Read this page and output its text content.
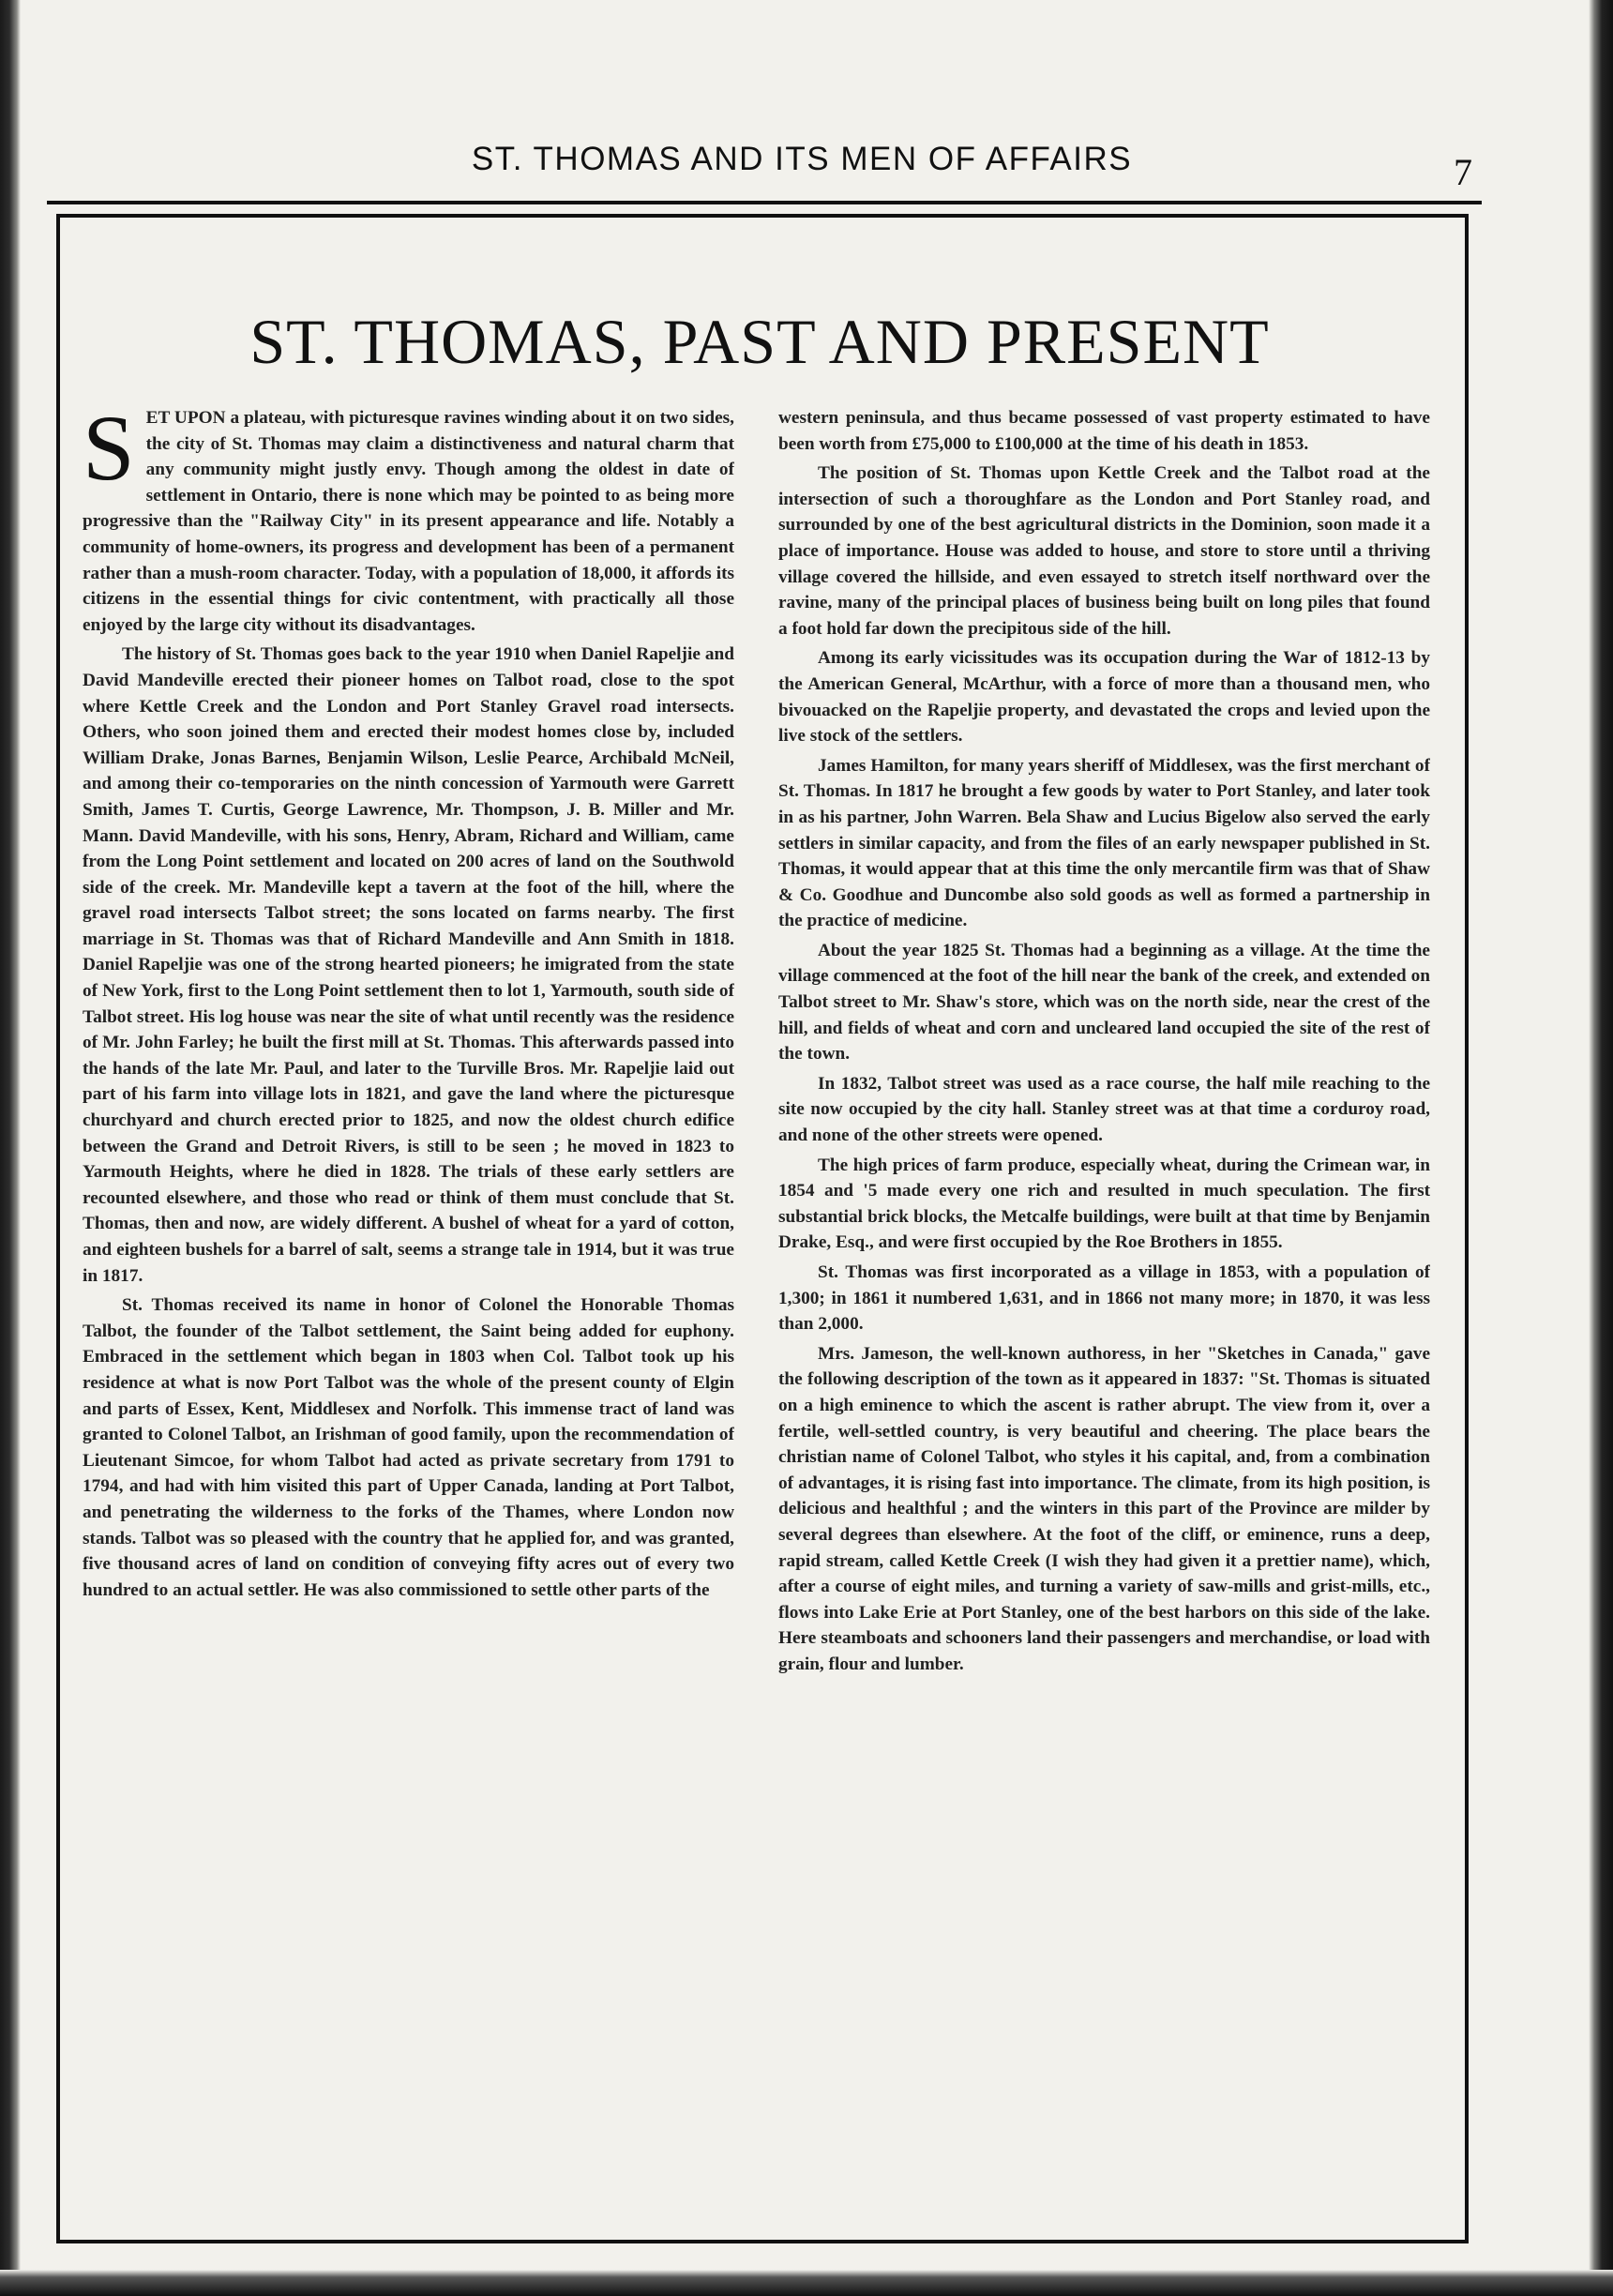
ST. THOMAS AND ITS MEN OF AFFAIRS	7
ST. THOMAS, PAST AND PRESENT

SET UPON a plateau, with picturesque ravines winding about it on two sides, the city of St. Thomas may claim a distinctiveness and natural charm that any community might justly envy. Though among the oldest in date of settlement in Ontario, there is none which may be pointed to as being more progressive than the "Railway City" in its present appearance and life. Notably a community of home-owners, its progress and development has been of a permanent rather than a mush-room character. Today, with a population of 18,000, it affords its citizens in the essential things for civic contentment, with practically all those enjoyed by the large city without its disadvantages.

The history of St. Thomas goes back to the year 1910 when Daniel Rapeljie and David Mandeville erected their pioneer homes on Talbot road, close to the spot where Kettle Creek and the London and Port Stanley Gravel road intersects. Others, who soon joined them and erected their modest homes close by, included William Drake, Jonas Barnes, Benjamin Wilson, Leslie Pearce, Archibald McNeil, and among their co-temporaries on the ninth concession of Yarmouth were Garrett Smith, James T. Curtis, George Lawrence, Mr. Thompson, J. B. Miller and Mr. Mann. David Mandeville, with his sons, Henry, Abram, Richard and William, came from the Long Point settlement and located on 200 acres of land on the Southwold side of the creek. Mr. Mandeville kept a tavern at the foot of the hill, where the gravel road intersects Talbot street; the sons located on farms nearby. The first marriage in St. Thomas was that of Richard Mandeville and Ann Smith in 1818. Daniel Rapeljie was one of the strong hearted pioneers; he imigrated from the state of New York, first to the Long Point settlement then to lot 1, Yarmouth, south side of Talbot street. His log house was near the site of what until recently was the residence of Mr. John Farley; he built the first mill at St. Thomas. This afterwards passed into the hands of the late Mr. Paul, and later to the Turville Bros. Mr. Rapeljie laid out part of his farm into village lots in 1821, and gave the land where the picturesque churchyard and church erected prior to 1825, and now the oldest church edifice between the Grand and Detroit Rivers, is still to be seen ; he moved in 1823 to Yarmouth Heights, where he died in 1828. The trials of these early settlers are recounted elsewhere, and those who read or think of them must conclude that St. Thomas, then and now, are widely different. A bushel of wheat for a yard of cotton, and eighteen bushels for a barrel of salt, seems a strange tale in 1914, but it was true in 1817.

St. Thomas received its name in honor of Colonel the Honorable Thomas Talbot, the founder of the Talbot settlement, the Saint being added for euphony. Embraced in the settlement which began in 1803 when Col. Talbot took up his residence at what is now Port Talbot was the whole of the present county of Elgin and parts of Essex, Kent, Middlesex and Norfolk. This immense tract of land was granted to Colonel Talbot, an Irishman of good family, upon the recommendation of Lieutenant Simcoe, for whom Talbot had acted as private secretary from 1791 to 1794, and had with him visited this part of Upper Canada, landing at Port Talbot, and penetrating the wilderness to the forks of the Thames, where London now stands. Talbot was so pleased with the country that he applied for, and was granted, five thousand acres of land on condition of conveying fifty acres out of every two hundred to an actual settler. He was also commissioned to settle other parts of the

western peninsula, and thus became possessed of vast property estimated to have been worth from £75,000 to £100,000 at the time of his death in 1853.

The position of St. Thomas upon Kettle Creek and the Talbot road at the intersection of such a thoroughfare as the London and Port Stanley road, and surrounded by one of the best agricultural districts in the Dominion, soon made it a place of importance. House was added to house, and store to store until a thriving village covered the hillside, and even essayed to stretch itself northward over the ravine, many of the principal places of business being built on long piles that found a foot hold far down the precipitous side of the hill.

Among its early vicissitudes was its occupation during the War of 1812-13 by the American General, McArthur, with a force of more than a thousand men, who bivouacked on the Rapeljie property, and devastated the crops and levied upon the live stock of the settlers.

James Hamilton, for many years sheriff of Middlesex, was the first merchant of St. Thomas. In 1817 he brought a few goods by water to Port Stanley, and later took in as his partner, John Warren. Bela Shaw and Lucius Bigelow also served the early settlers in similar capacity, and from the files of an early newspaper published in St. Thomas, it would appear that at this time the only mercantile firm was that of Shaw & Co. Goodhue and Duncombe also sold goods as well as formed a partnership in the practice of medicine.

About the year 1825 St. Thomas had a beginning as a village. At the time the village commenced at the foot of the hill near the bank of the creek, and extended on Talbot street to Mr. Shaw's store, which was on the north side, near the crest of the hill, and fields of wheat and corn and uncleared land occupied the site of the rest of the town.

In 1832, Talbot street was used as a race course, the half mile reaching to the site now occupied by the city hall. Stanley street was at that time a corduroy road, and none of the other streets were opened.

The high prices of farm produce, especially wheat, during the Crimean war, in 1854 and '5 made every one rich and resulted in much speculation. The first substantial brick blocks, the Metcalfe buildings, were built at that time by Benjamin Drake, Esq., and were first occupied by the Roe Brothers in 1855.

St. Thomas was first incorporated as a village in 1853, with a population of 1,300; in 1861 it numbered 1,631, and in 1866 not many more; in 1870, it was less than 2,000.

Mrs. Jameson, the well-known authoress, in her "Sketches in Canada," gave the following description of the town as it appeared in 1837: "St. Thomas is situated on a high eminence to which the ascent is rather abrupt. The view from it, over a fertile, well-settled country, is very beautiful and cheering. The place bears the christian name of Colonel Talbot, who styles it his capital, and, from a combination of advantages, it is rising fast into importance. The climate, from its high position, is delicious and healthful ; and the winters in this part of the Province are milder by several degrees than elsewhere. At the foot of the cliff, or eminence, runs a deep, rapid stream, called Kettle Creek (I wish they had given it a prettier name), which, after a course of eight miles, and turning a variety of saw-mills and grist-mills, etc., flows into Lake Erie at Port Stanley, one of the best harbors on this side of the lake. Here steamboats and schooners land their passengers and merchandise, or load with grain, flour and lumber.
